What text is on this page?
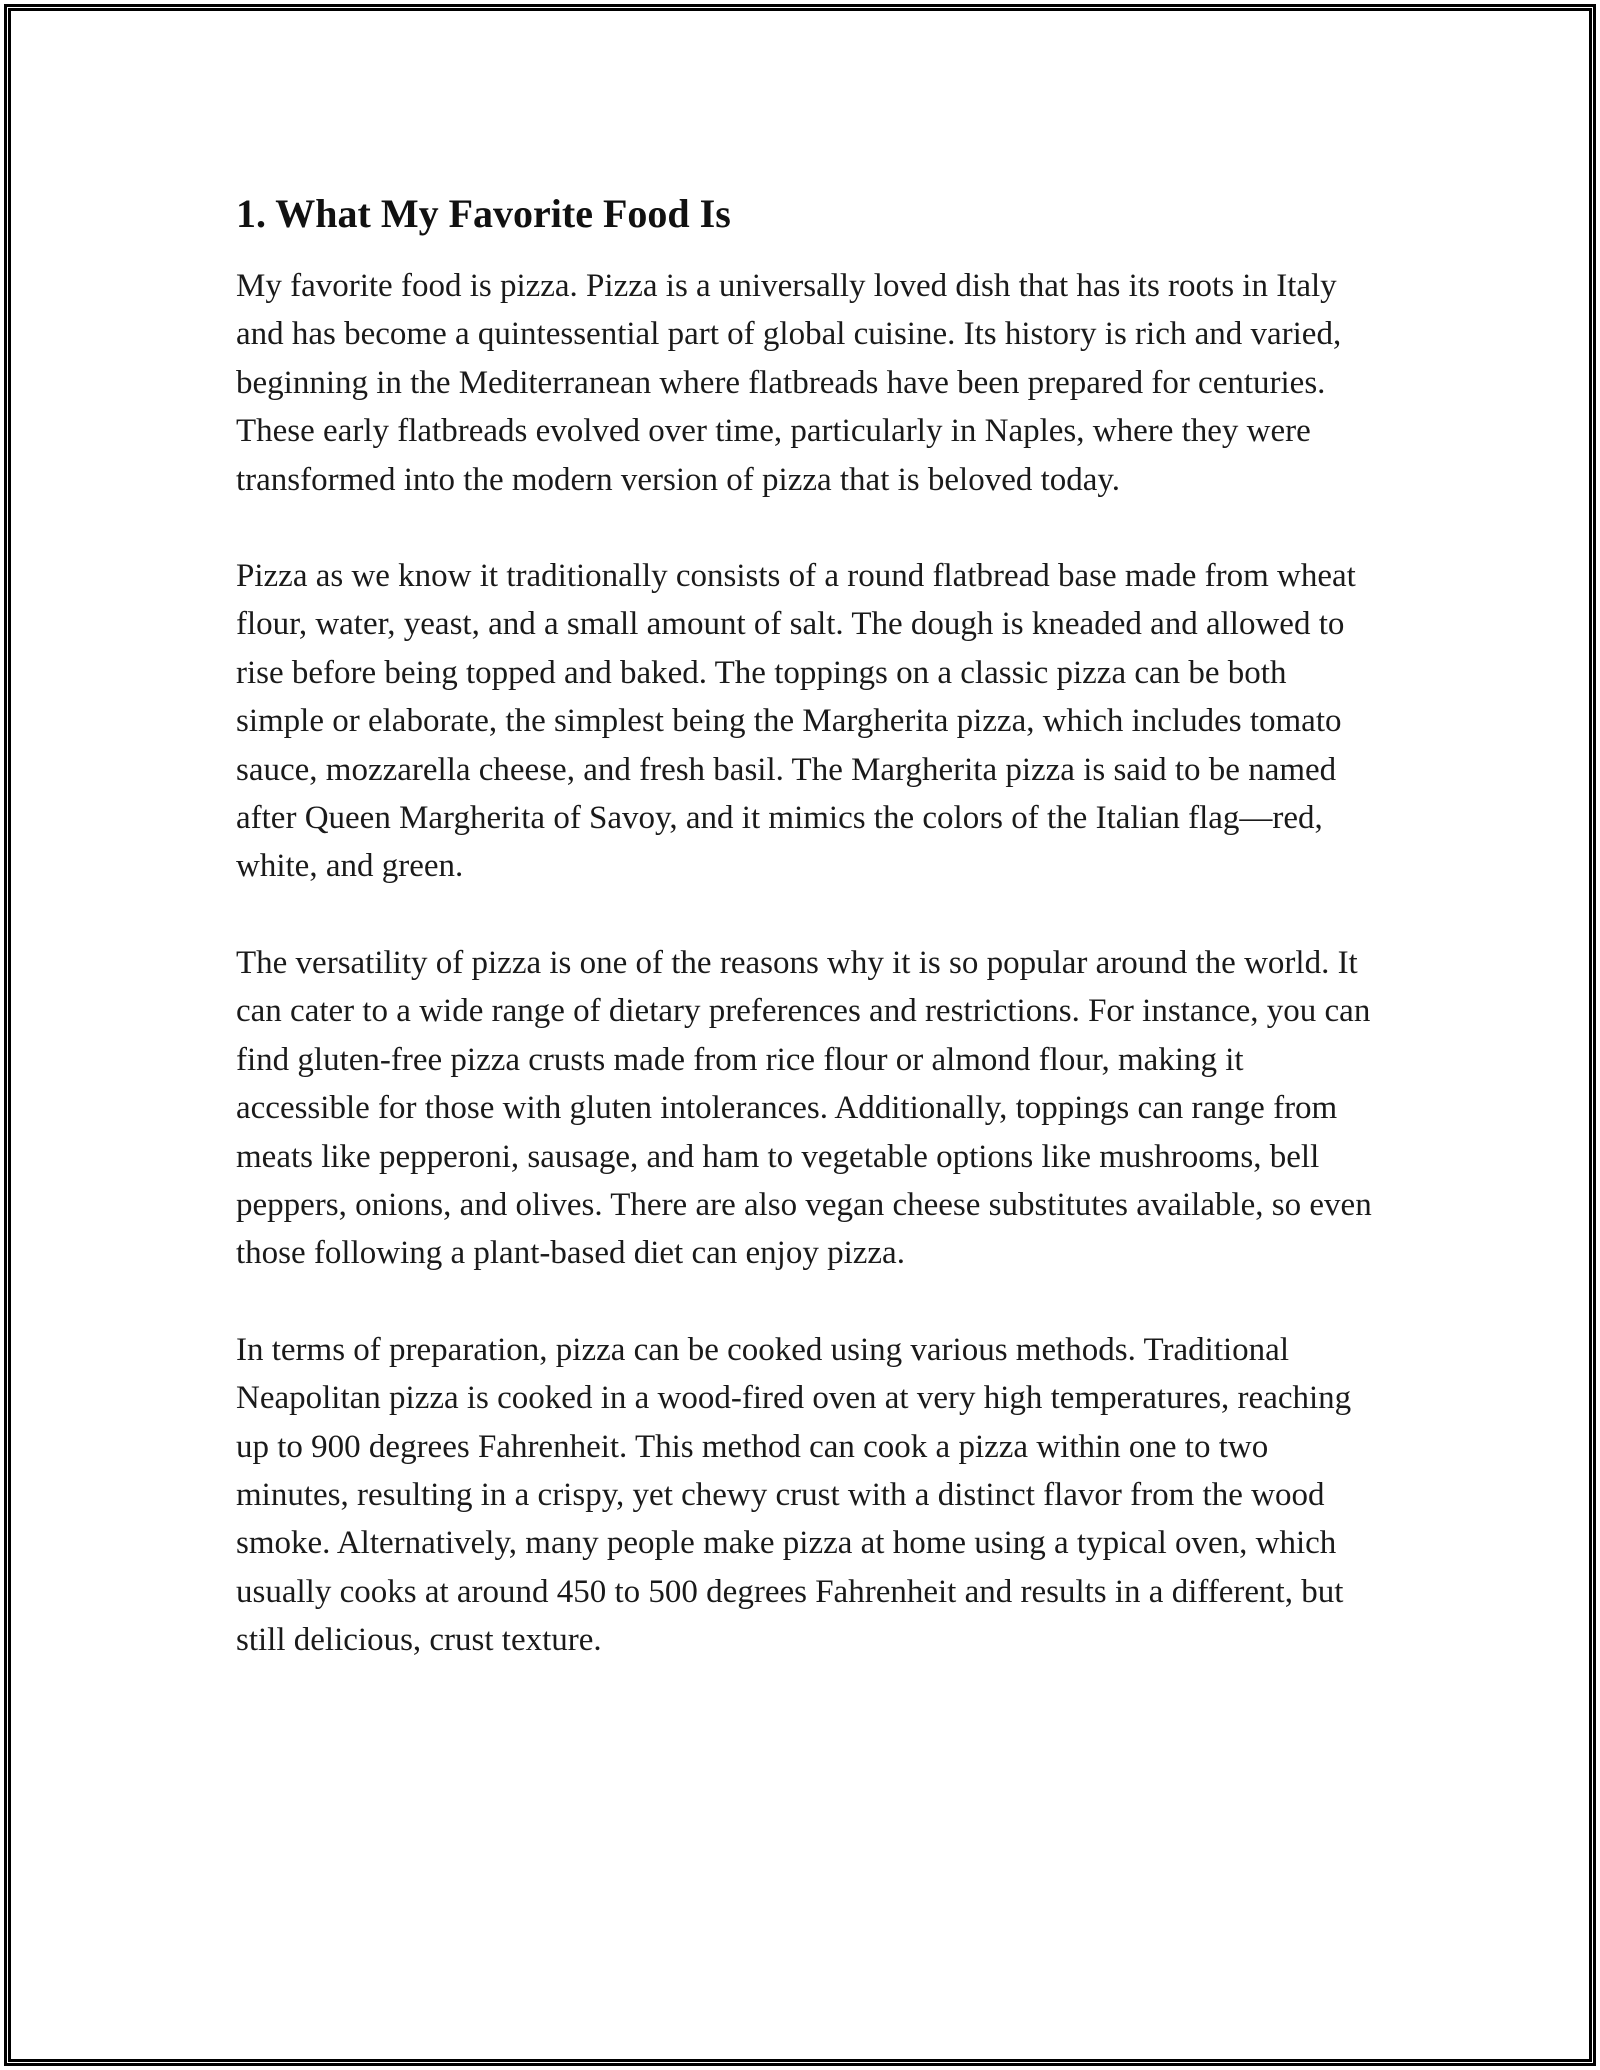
1. What My Favorite Food Is

My favorite food is pizza. Pizza is a universally loved dish that has its roots in Italy and has become a quintessential part of global cuisine. Its history is rich and varied, beginning in the Mediterranean where flatbreads have been prepared for centuries. These early flatbreads evolved over time, particularly in Naples, where they were transformed into the modern version of pizza that is beloved today.

Pizza as we know it traditionally consists of a round flatbread base made from wheat flour, water, yeast, and a small amount of salt. The dough is kneaded and allowed to rise before being topped and baked. The toppings on a classic pizza can be both simple or elaborate, the simplest being the Margherita pizza, which includes tomato sauce, mozzarella cheese, and fresh basil. The Margherita pizza is said to be named after Queen Margherita of Savoy, and it mimics the colors of the Italian flag—red, white, and green.

The versatility of pizza is one of the reasons why it is so popular around the world. It can cater to a wide range of dietary preferences and restrictions. For instance, you can find gluten-free pizza crusts made from rice flour or almond flour, making it accessible for those with gluten intolerances. Additionally, toppings can range from meats like pepperoni, sausage, and ham to vegetable options like mushrooms, bell peppers, onions, and olives. There are also vegan cheese substitutes available, so even those following a plant-based diet can enjoy pizza.

In terms of preparation, pizza can be cooked using various methods. Traditional Neapolitan pizza is cooked in a wood-fired oven at very high temperatures, reaching up to 900 degrees Fahrenheit. This method can cook a pizza within one to two minutes, resulting in a crispy, yet chewy crust with a distinct flavor from the wood smoke. Alternatively, many people make pizza at home using a typical oven, which usually cooks at around 450 to 500 degrees Fahrenheit and results in a different, but still delicious, crust texture.
